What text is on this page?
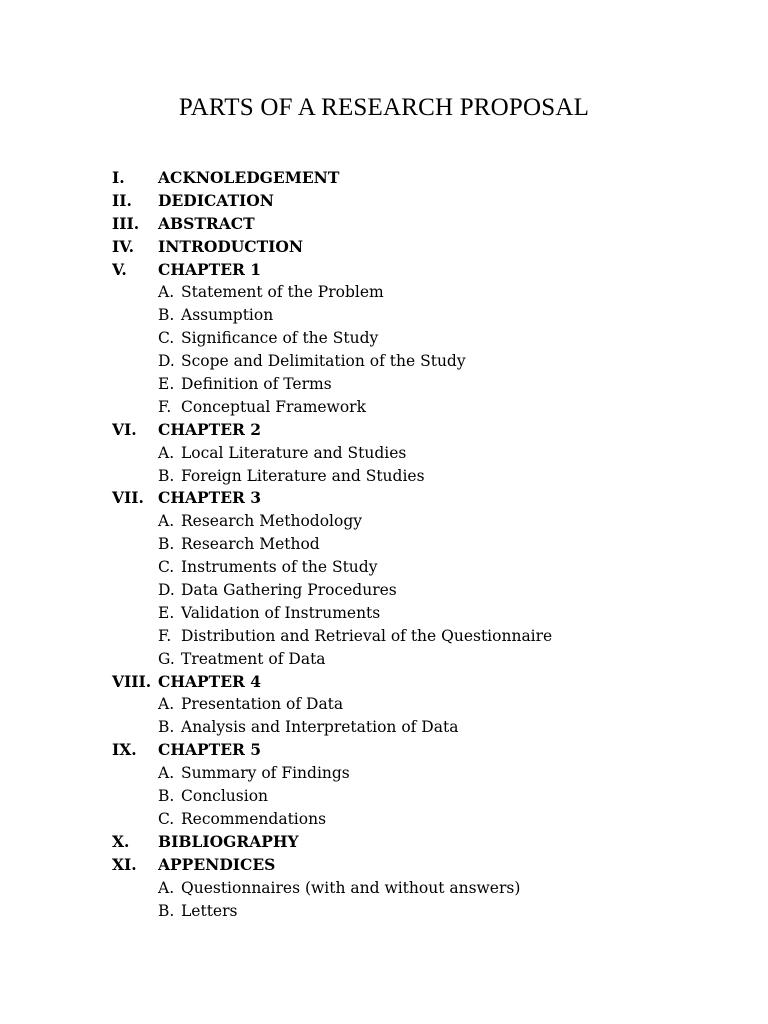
PARTS OF A RESEARCH PROPOSAL
I. ACKNOLEDGEMENT
II. DEDICATION
III. ABSTRACT
IV. INTRODUCTION
V. CHAPTER 1
A. Statement of the Problem
B. Assumption
C. Significance of the Study
D. Scope and Delimitation of the Study
E. Definition of Terms
F. Conceptual Framework
VI. CHAPTER 2
A. Local Literature and Studies
B. Foreign Literature and Studies
VII. CHAPTER 3
A. Research Methodology
B. Research Method
C. Instruments of the Study
D. Data Gathering Procedures
E. Validation of Instruments
F. Distribution and Retrieval of the Questionnaire
G. Treatment of Data
VIII. CHAPTER 4
A. Presentation of Data
B. Analysis and Interpretation of Data
IX. CHAPTER 5
A. Summary of Findings
B. Conclusion
C. Recommendations
X. BIBLIOGRAPHY
XI. APPENDICES
A. Questionnaires (with and without answers)
B. Letters
